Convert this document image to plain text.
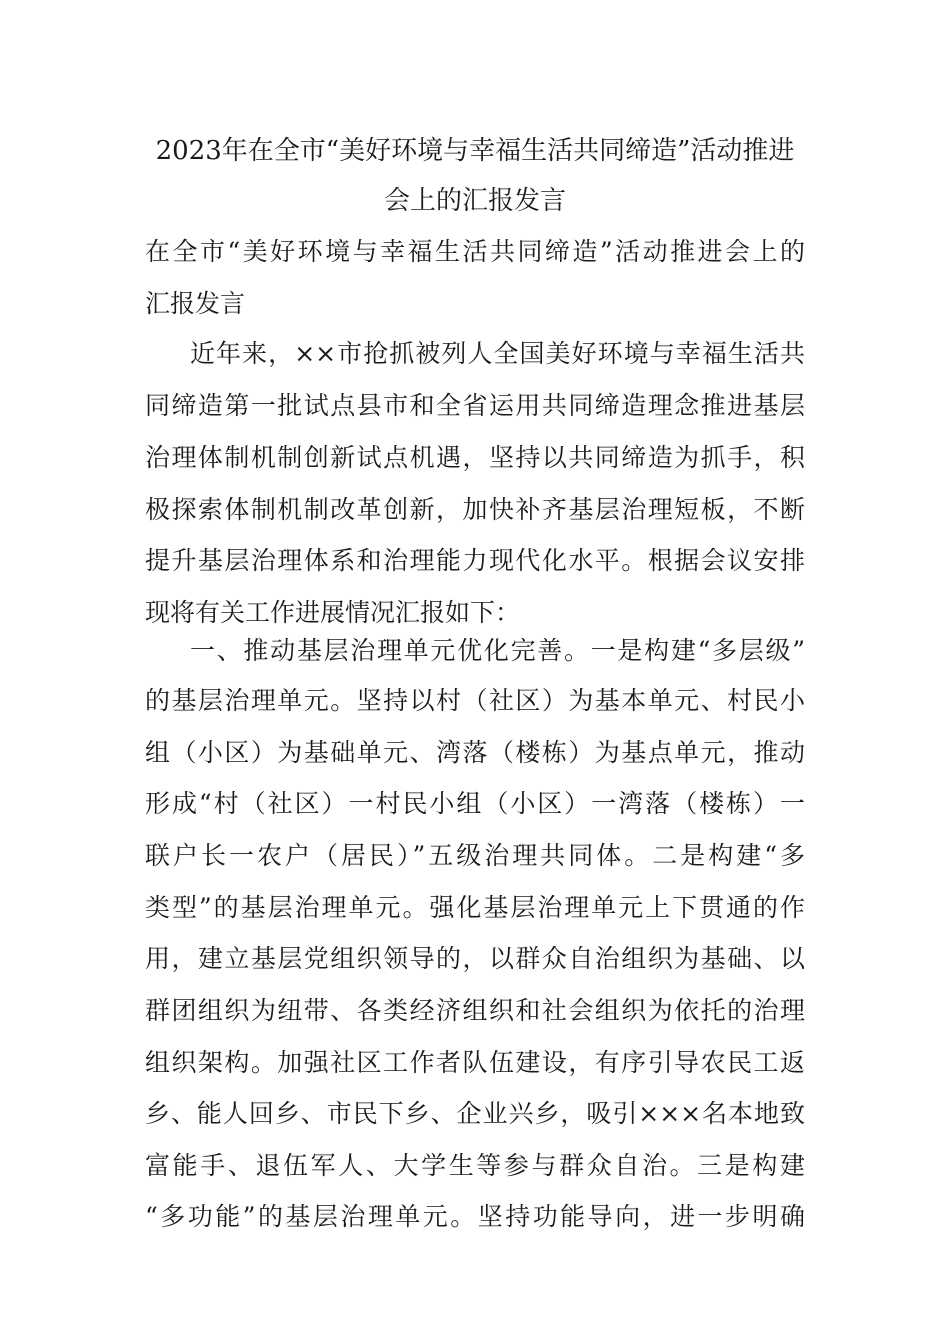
2023年在全市“美好环境与幸福生活共同缔造”活动推进
会上的汇报发言
在全市“美好环境与幸福生活共同缔造”活动推进会上的
汇报发言
近年来，××市抢抓被列人全国美好环境与幸福生活共
同缔造第一批试点县市和全省运用共同缔造理念推进基层
治理体制机制创新试点机遇，坚持以共同缔造为抓手，积
极探索体制机制改革创新，加快补齐基层治理短板，不断
提升基层治理体系和治理能力现代化水平。根据会议安排
现将有关工作进展情况汇报如下：
一、推动基层治理单元优化完善。一是构建“多层级”
的基层治理单元。坚持以村（社区）为基本单元、村民小
组（小区）为基础单元、湾落（楼栋）为基点单元，推动
形成“村（社区）一村民小组（小区）一湾落（楼栋）一
联户长一农户（居民）”五级治理共同体。二是构建“多
类型”的基层治理单元。强化基层治理单元上下贯通的作
用，建立基层党组织领导的，以群众自治组织为基础、以
群团组织为纽带、各类经济组织和社会组织为依托的治理
组织架构。加强社区工作者队伍建设，有序引导农民工返
乡、能人回乡、市民下乡、企业兴乡，吸引×××名本地致
富能手、退伍军人、大学生等参与群众自治。三是构建
“多功能”的基层治理单元。坚持功能导向，进一步明确
